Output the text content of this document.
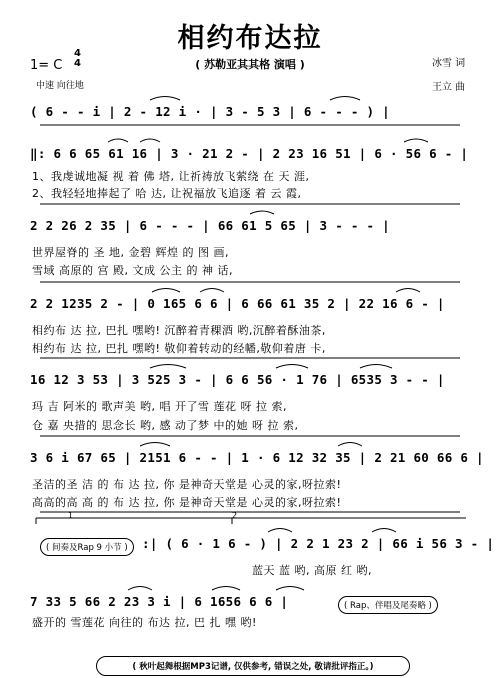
相约布达拉
( 苏勒亚其其格 演唱 )
1= C
4
4
中速 向往地
冰雪 词
王立 曲
( 6 - - i | 2 - 12 i · | 3 - 5 3 | 6 - - - ) |
‖: 6 6 65 61 16 | 3 · 21 2 - | 2 23 16 51 | 6 · 56 6 - |
1、我虔诚地凝 视 着 佛 塔, 让祈祷放飞萦绕 在 天 涯,
2、我轻轻地捧起了 哈 达, 让祝福放飞追逐 着 云 霞,
2 2 26 2 35 | 6 - - - | 66 61 5 65 | 3 - - - |
世界屋脊的 圣 地, 金碧 辉煌 的 图 画,
雪域 高原的 宫 殿, 文成 公主 的 神 话,
2 2 1235 2 - | 0 165 6 6 | 6 66 61 35 2 | 22 16 6 - |
相约布 达 拉, 巴扎 嘿哟! 沉醉着青稞酒 哟,沉醉着酥油茶,
相约布 达 拉, 巴扎 嘿哟! 敬仰着转动的经幡,敬仰着唐 卡,
16 12 3 53 | 3 525 3 - | 6 6 56 · 1 76 | 6535 3 - - |
玛 吉 阿米的 歌声美 哟, 唱 开了雪 莲花 呀 拉 索,
仓 嘉 央措的 思念长 哟, 感 动了梦 中的她 呀 拉 索,
3 6 i 67 65 | 2151 6 - - | 1 · 6 12 32 35 | 2 21 60 66 6 |
圣洁的圣 洁 的 布 达 拉, 你 是神奇天堂是 心灵的家,呀拉索!
高高的高 高 的 布 达 拉, 你 是神奇天堂是 心灵的家,呀拉索!
1	2
( 间奏及Rap 9 小节 )	:| ( 6 · 1 6 - ) | 2 2 1 23 2 | 66 i 56 3 - |
蓝天 蓝 哟, 高原 红 哟,
7 33 5 66 2 23 3 i | 6 1656 6 6 |
盛开的 雪莲花 向往的 布达 拉, 巴 扎 嘿 哟!
( Rap、伴唱及尾奏略 )
( 秋叶起舞根据MP3记谱, 仅供参考, 错误之处, 敬请批评指正。)
